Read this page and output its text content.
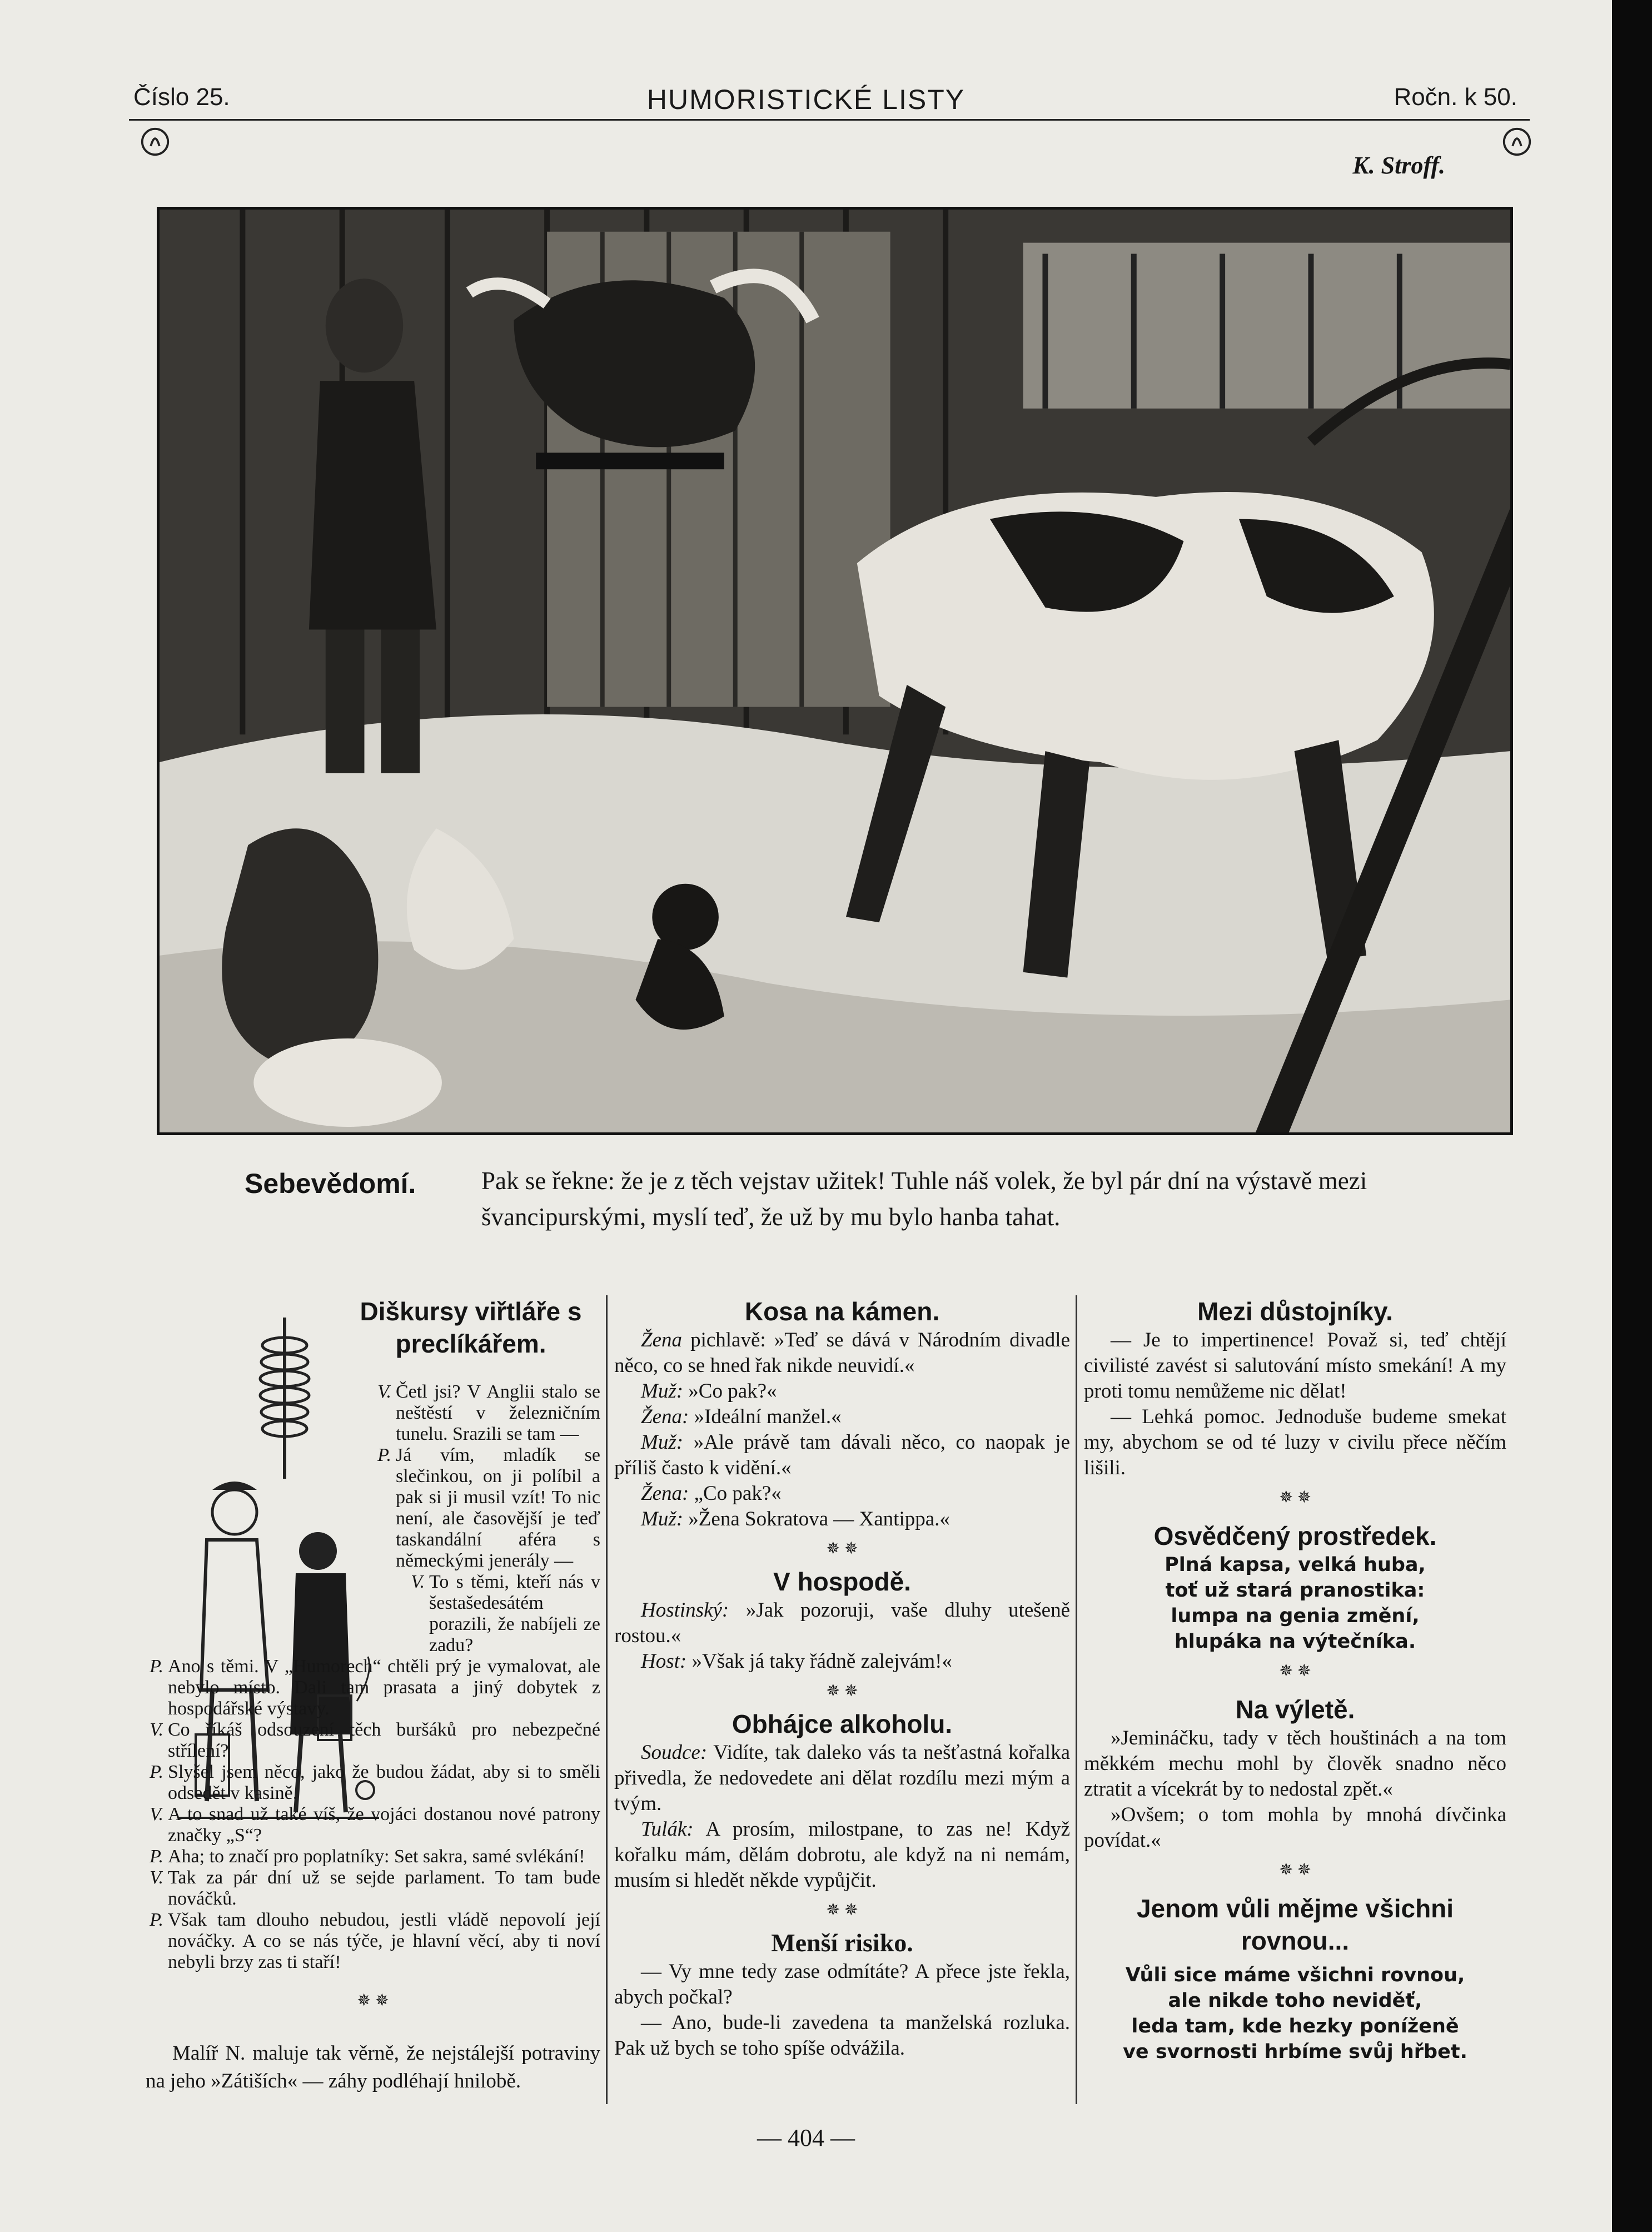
Číslo 25.	HUMORISTICKÉ LISTY	Ročn. k 50.
K. Stroff.
Sebevědomí.	Pak se řekne: že je z těch vejstav užitek! Tuhle náš volek, že byl pár dní na výstavě mezi švancipurskými, myslí teď, že už by mu bylo hanba tahat.
Diškursy viřtláře s preclíkářem.
V. Četl jsi? V Anglii stalo se neštěstí v železničním tunelu. Srazili se tam —
P. Já vím, mladík se slečinkou, on ji políbil a pak si ji musil vzít! To nic není, ale časovější je teď taskandální aféra s německými jenerály —
V. To s těmi, kteří nás v šestašedesátém porazili, že nabíjeli ze zadu?
P. Ano s těmi. V „Humorech“ chtěli prý je vymalovat, ale nebylo místo. Dali tam prasata a jiný dobytek z hospodářské výstavy.
V. Co říkáš odsouzení těch buršáků pro nebezpečné střílení?
P. Slyšel jsem něco, jako že budou žádat, aby si to směli odsedět v kasině.
V. A to snad už také víš, že vojáci dostanou nové patrony značky „S“?
P. Aha; to značí pro poplatníky: Set sakra, samé svlékání!
V. Tak za pár dní už se sejde parlament. To tam bude nováčků.
P. Však tam dlouho nebudou, jestli vládě nepovolí její nováčky. A co se nás týče, je hlavní věcí, aby ti noví nebyli brzy zas ti staří!
✵ ✵
Malíř N. maluje tak věrně, že nejstálejší potraviny na jeho »Zátiších« — záhy podléhají hnilobě.
Kosa na kámen.
Žena pichlavě: »Teď se dává v Národním divadle něco, co se hned řak nikde neuvidí.«
Muž: »Co pak?«
Žena: »Ideální manžel.«
Muž: »Ale právě tam dávali něco, co naopak je příliš často k vidění.«
Žena: „Co pak?«
Muž: »Žena Sokratova — Xantippa.«
✵ ✵
V hospodě.
Hostinský: »Jak pozoruji, vaše dluhy utešeně rostou.«
Host: »Však já taky řádně zalejvám!«
✵ ✵
Obhájce alkoholu.
Soudce: Vidíte, tak daleko vás ta nešťastná kořalka přivedla, že nedovedete ani dělat rozdílu mezi mým a tvým.
Tulák: A prosím, milostpane, to zas ne! Když kořalku mám, dělám dobrotu, ale když na ni nemám, musím si hledět někde vypůjčit.
✵ ✵
Menší risiko.
— Vy mne tedy zase odmítáte? A přece jste řekla, abych počkal?
— Ano, bude-li zavedena ta manželská rozluka. Pak už bych se toho spíše odvážila.
Mezi důstojníky.
— Je to impertinence! Považ si, teď chtějí civilisté zavést si salutování místo smekání! A my proti tomu nemůžeme nic dělat!
— Lehká pomoc. Jednoduše budeme smekat my, abychom se od té luzy v civilu přece něčím lišili.
✵ ✵
Osvědčený prostředek.
Plná kapsa, velká huba,
toť už stará pranostika:
lumpa na genia změní,
hlupáka na výtečníka.
✵ ✵
Na výletě.
»Jemináčku, tady v těch houštinách a na tom měkkém mechu mohl by člověk snadno něco ztratit a vícekrát by to nedostal zpět.«
»Ovšem; o tom mohla by mnohá dívčinka povídat.«
✵ ✵
Jenom vůli mějme všichni rovnou...
Vůli sice máme všichni rovnou,
ale nikde toho neviděť,
leda tam, kde hezky poníženě
ve svornosti hrbíme svůj hřbet.
— 404 —
